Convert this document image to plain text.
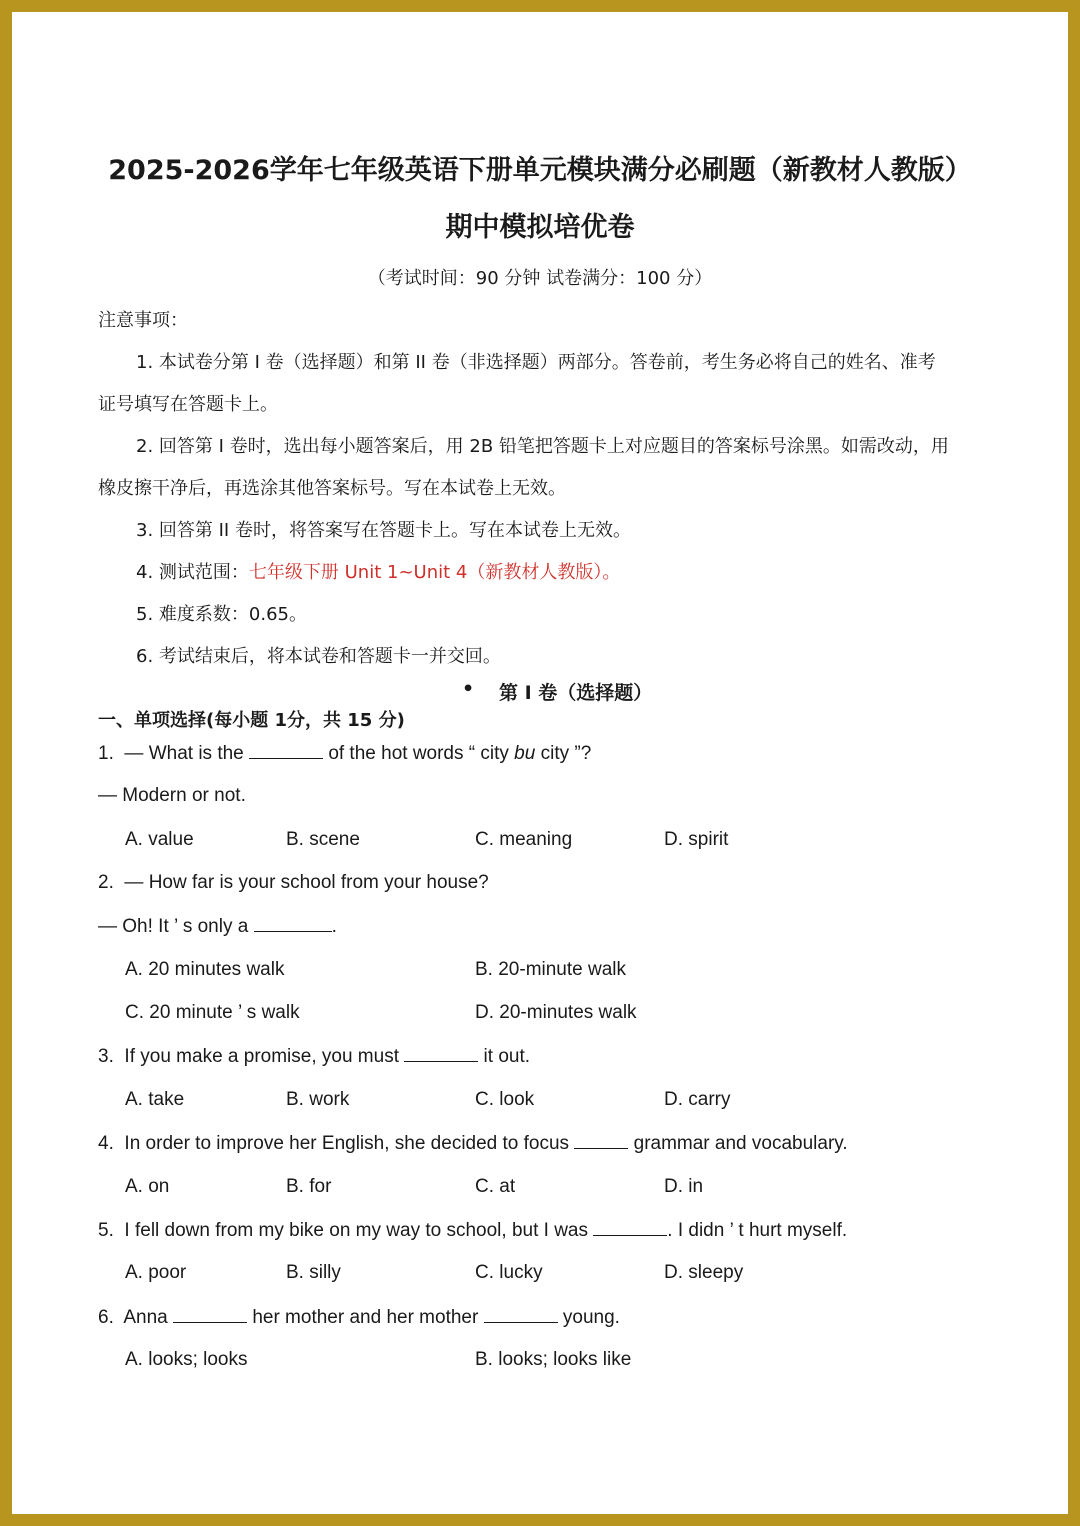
2025-2026学年七年级英语下册单元模块满分必刷题（新教材人教版）
期中模拟培优卷
（考试时间：90 分钟 试卷满分：100 分）
注意事项：
1. 本试卷分第 I 卷（选择题）和第 II 卷（非选择题）两部分。答卷前，考生务必将自己的姓名、准考
证号填写在答题卡上。
2. 回答第 I 卷时，选出每小题答案后，用 2B 铅笔把答题卡上对应题目的答案标号涂黑。如需改动，用
橡皮擦干净后，再选涂其他答案标号。写在本试卷上无效。
3. 回答第 II 卷时，将答案写在答题卡上。写在本试卷上无效。
4. 测试范围：七年级下册 Unit 1~Unit 4（新教材人教版）。
5. 难度系数：0.65。
6. 考试结束后，将本试卷和答题卡一并交回。
• 第 I 卷（选择题）
一、单项选择(每小题 1分，共 15 分)
1. — What is the	of the hot words “ city bu city ”?
— Modern or not.
A. value	B. scene	C. meaning	D. spirit
2. — How far is your school from your house?
— Oh! It ’ s only a	.
A. 20 minutes walk	B. 20-minute walk
C. 20 minute ’ s walk	D. 20-minutes walk
3. If you make a promise, you must	it out.
A. take	B. work	C. look	D. carry
4. In order to improve her English, she decided to focus	grammar and vocabulary.
A. on	B. for	C. at	D. in
5. I fell down from my bike on my way to school, but I was	. I didn ’ t hurt myself.
A. poor	B. silly	C. lucky	D. sleepy
6. Anna	her mother and her mother	young.
A. looks; looks	B. looks; looks like
